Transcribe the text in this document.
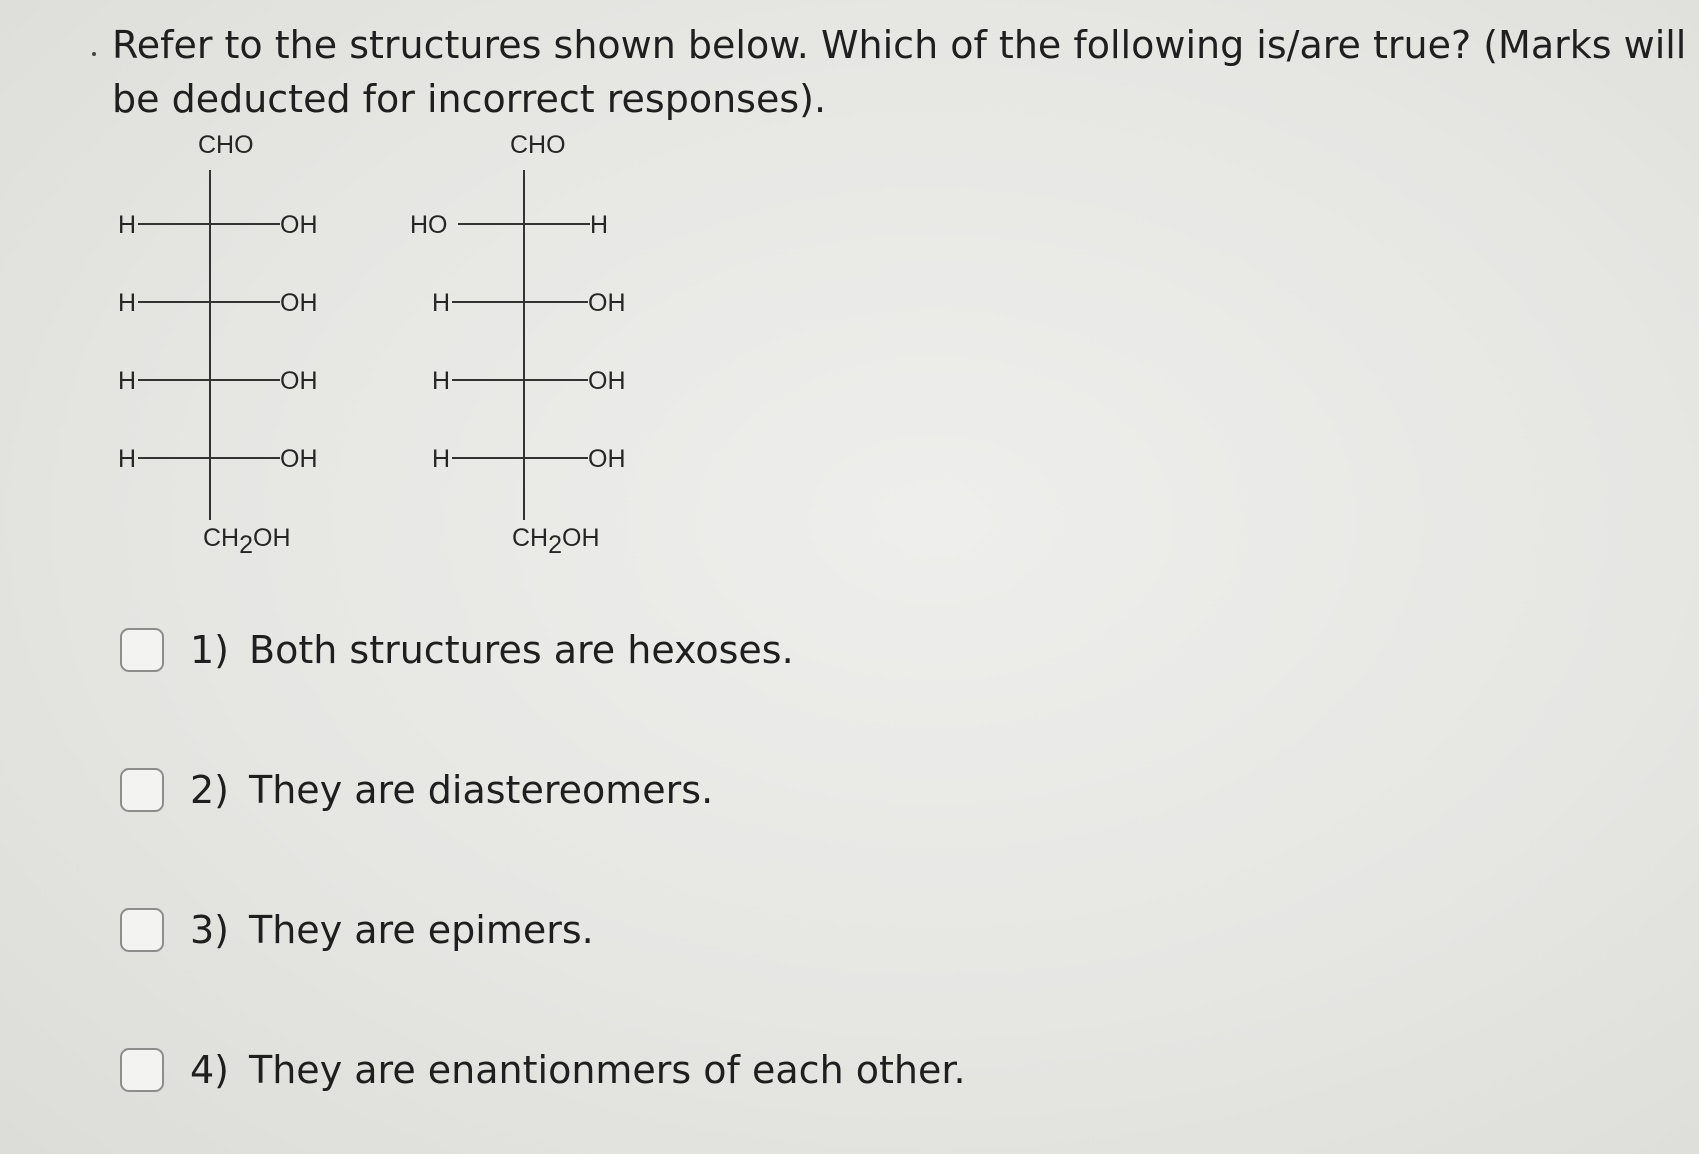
Refer to the structures shown below. Which of the following is/are true? (Marks will
be deducted for incorrect responses).
CHO
H	OH
H	OH
H	OH
H	OH
CH2OH
CHO
HO	H
H	OH
H	OH
H	OH
CH2OH
1) Both structures are hexoses.
2) They are diastereomers.
3) They are epimers.
4) They are enantionmers of each other.
